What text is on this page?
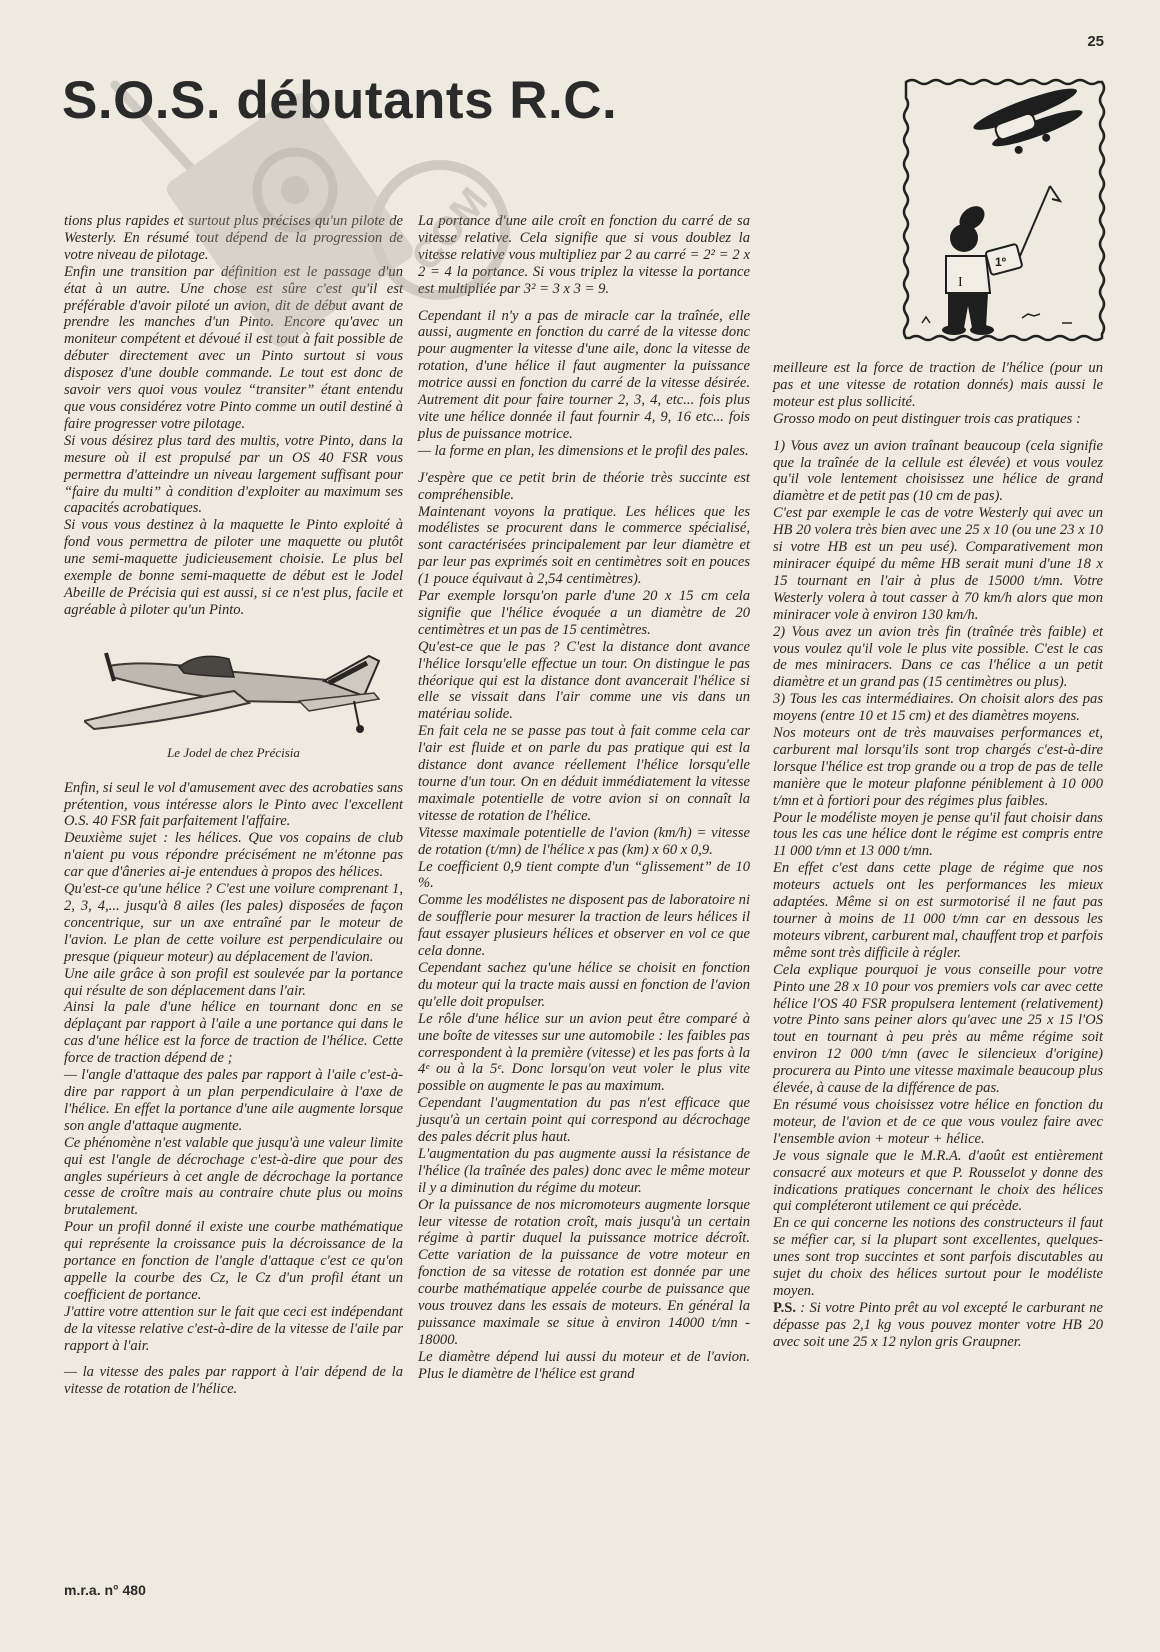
25
S.O.S. débutants R.C.
COM
I
1º

tions plus rapides et surtout plus précises qu'un pilote de Westerly. En résumé tout dépend de la progression de votre niveau de pilotage.

Enfin une transition par définition est le passage d'un état à un autre. Une chose est sûre c'est qu'il est préférable d'avoir piloté un avion, dit de début avant de prendre les manches d'un Pinto. Encore qu'avec un moniteur compétent et dévoué il est tout à fait possible de débuter directement avec un Pinto surtout si vous disposez d'une double commande. Le tout est donc de savoir vers quoi vous voulez “transiter” étant entendu que vous considérez votre Pinto comme un outil destiné à faire progresser votre pilotage.

Si vous désirez plus tard des multis, votre Pinto, dans la mesure où il est propulsé par un OS 40 FSR vous permettra d'atteindre un niveau largement suffisant pour “faire du multi” à condition d'exploiter au maximum ses capacités acrobatiques.

Si vous vous destinez à la maquette le Pinto exploité à fond vous permettra de piloter une maquette ou plutôt une semi-maquette judicieusement choisie. Le plus bel exemple de bonne semi-maquette de début est le Jodel Abeille de Précisia qui est aussi, si ce n'est plus, facile et agréable à piloter qu'un Pinto.

Le Jodel de chez Précisia

Enfin, si seul le vol d'amusement avec des acrobaties sans prétention, vous intéresse alors le Pinto avec l'excellent O.S. 40 FSR fait parfaitement l'affaire.

Deuxième sujet : les hélices. Que vos copains de club n'aient pu vous répondre précisément ne m'étonne pas car que d'âneries ai-je entendues à propos des hélices.

Qu'est-ce qu'une hélice ? C'est une voilure comprenant 1, 2, 3, 4,... jusqu'à 8 ailes (les pales) disposées de façon concentrique, sur un axe entraîné par le moteur de l'avion. Le plan de cette voilure est perpendiculaire ou presque (piqueur moteur) au déplacement de l'avion.

Une aile grâce à son profil est soulevée par la portance qui résulte de son déplacement dans l'air.

Ainsi la pale d'une hélice en tournant donc en se déplaçant par rapport à l'aile a une portance qui dans le cas d'une hélice est la force de traction de l'hélice. Cette force de traction dépend de ;

— l'angle d'attaque des pales par rapport à l'aile c'est-à-dire par rapport à un plan perpendiculaire à l'axe de l'hélice. En effet la portance d'une aile augmente lorsque son angle d'attaque augmente.

Ce phénomène n'est valable que jusqu'à une valeur limite qui est l'angle de décrochage c'est-à-dire que pour des angles supérieurs à cet angle de décrochage la portance cesse de croître mais au contraire chute plus ou moins brutalement.

Pour un profil donné il existe une courbe mathématique qui représente la croissance puis la décroissance de la portance en fonction de l'angle d'attaque c'est ce qu'on appelle la courbe des Cz, le Cz d'un profil étant un coefficient de portance.

J'attire votre attention sur le fait que ceci est indépendant de la vitesse relative c'est-à-dire de la vitesse de l'aile par rapport à l'air.

— la vitesse des pales par rapport à l'air dépend de la vitesse de rotation de l'hélice.

La portance d'une aile croît en fonction du carré de sa vitesse relative. Cela signifie que si vous doublez la vitesse relative vous multipliez par 2 au carré = 2² = 2 x 2 = 4 la portance. Si vous triplez la vitesse la portance est multipliée par 3² = 3 x 3 = 9.

Cependant il n'y a pas de miracle car la traînée, elle aussi, augmente en fonction du carré de la vitesse donc pour augmenter la vitesse d'une aile, donc la vitesse de rotation, d'une hélice il faut augmenter la puissance motrice aussi en fonction du carré de la vitesse désirée. Autrement dit pour faire tourner 2, 3, 4, etc... fois plus vite une hélice donnée il faut fournir 4, 9, 16 etc... fois plus de puissance motrice.

— la forme en plan, les dimensions et le profil des pales.

J'espère que ce petit brin de théorie très succinte est compréhensible.

Maintenant voyons la pratique. Les hélices que les modélistes se procurent dans le commerce spécialisé, sont caractérisées principalement par leur diamètre et par leur pas exprimés soit en centimètres soit en pouces (1 pouce équivaut à 2,54 centimètres).

Par exemple lorsqu'on parle d'une 20 x 15 cm cela signifie que l'hélice évoquée a un diamètre de 20 centimètres et un pas de 15 centimètres.

Qu'est-ce que le pas ? C'est la distance dont avance l'hélice lorsqu'elle effectue un tour. On distingue le pas théorique qui est la distance dont avancerait l'hélice si elle se vissait dans l'air comme une vis dans un matériau solide.

En fait cela ne se passe pas tout à fait comme cela car l'air est fluide et on parle du pas pratique qui est la distance dont avance réellement l'hélice lorsqu'elle tourne d'un tour. On en déduit immédiatement la vitesse maximale potentielle de votre avion si on connaît la vitesse de rotation de l'hélice.

Vitesse maximale potentielle de l'avion (km/h) = vitesse de rotation (t/mn) de l'hélice x pas (km) x 60 x 0,9.

Le coefficient 0,9 tient compte d'un “glissement” de 10 %.

Comme les modélistes ne disposent pas de laboratoire ni de soufflerie pour mesurer la traction de leurs hélices il faut essayer plusieurs hélices et observer en vol ce que cela donne.

Cependant sachez qu'une hélice se choisit en fonction du moteur qui la tracte mais aussi en fonction de l'avion qu'elle doit propulser.

Le rôle d'une hélice sur un avion peut être comparé à une boîte de vitesses sur une automobile : les faibles pas correspondent à la première (vitesse) et les pas forts à la 4ᵉ ou à la 5ᵉ. Donc lorsqu'on veut voler le plus vite possible on augmente le pas au maximum.

Cependant l'augmentation du pas n'est efficace que jusqu'à un certain point qui correspond au décrochage des pales décrit plus haut.

L'augmentation du pas augmente aussi la résistance de l'hélice (la traînée des pales) donc avec le même moteur il y a diminution du régime du moteur.

Or la puissance de nos micromoteurs augmente lorsque leur vitesse de rotation croît, mais jusqu'à un certain régime à partir duquel la puissance motrice décroît. Cette variation de la puissance de votre moteur en fonction de sa vitesse de rotation est donnée par une courbe mathématique appelée courbe de puissance que vous trouvez dans les essais de moteurs. En général la puissance maximale se situe à environ 14000 t/mn - 18000.

Le diamètre dépend lui aussi du moteur et de l'avion. Plus le diamètre de l'hélice est grand

meilleure est la force de traction de l'hélice (pour un pas et une vitesse de rotation donnés) mais aussi le moteur est plus sollicité.

Grosso modo on peut distinguer trois cas pratiques :

1) Vous avez un avion traînant beaucoup (cela signifie que la traînée de la cellule est élevée) et vous voulez qu'il vole lentement choisissez une hélice de grand diamètre et de petit pas (10 cm de pas).

C'est par exemple le cas de votre Westerly qui avec un HB 20 volera très bien avec une 25 x 10 (ou une 23 x 10 si votre HB est un peu usé). Comparativement mon miniracer équipé du même HB serait muni d'une 18 x 15 tournant en l'air à plus de 15000 t/mn. Votre Westerly volera à tout casser à 70 km/h alors que mon miniracer vole à environ 130 km/h.

2) Vous avez un avion très fin (traînée très faible) et vous voulez qu'il vole le plus vite possible. C'est le cas de mes miniracers. Dans ce cas l'hélice a un petit diamètre et un grand pas (15 centimètres ou plus).

3) Tous les cas intermédiaires. On choisit alors des pas moyens (entre 10 et 15 cm) et des diamètres moyens.

Nos moteurs ont de très mauvaises performances et, carburent mal lorsqu'ils sont trop chargés c'est-à-dire lorsque l'hélice est trop grande ou a trop de pas de telle manière que le moteur plafonne péniblement à 10 000 t/mn et à fortiori pour des régimes plus faibles.

Pour le modéliste moyen je pense qu'il faut choisir dans tous les cas une hélice dont le régime est compris entre 11 000 t/mn et 13 000 t/mn.

En effet c'est dans cette plage de régime que nos moteurs actuels ont les performances les mieux adaptées. Même si on est surmotorisé il ne faut pas tourner à moins de 11 000 t/mn car en dessous les moteurs vibrent, carburent mal, chauffent trop et parfois même sont très difficile à régler.

Cela explique pourquoi je vous conseille pour votre Pinto une 28 x 10 pour vos premiers vols car avec cette hélice l'OS 40 FSR propulsera lentement (relativement) votre Pinto sans peiner alors qu'avec une 25 x 15 l'OS tout en tournant à peu près au même régime soit environ 12 000 t/mn (avec le silencieux d'origine) procurera au Pinto une vitesse maximale beaucoup plus élevée, à cause de la différence de pas.

En résumé vous choisissez votre hélice en fonction du moteur, de l'avion et de ce que vous voulez faire avec l'ensemble avion + moteur + hélice.

Je vous signale que le M.R.A. d'août est entièrement consacré aux moteurs et que P. Rousselot y donne des indications pratiques concernant le choix des hélices qui compléteront utilement ce qui précède.

En ce qui concerne les notions des constructeurs il faut se méfier car, si la plupart sont excellentes, quelques-unes sont trop succintes et sont parfois discutables au sujet du choix des hélices surtout pour le modéliste moyen.

P.S. : Si votre Pinto prêt au vol excepté le carburant ne dépasse pas 2,1 kg vous pouvez monter votre HB 20 avec soit une 25 x 12 nylon gris Graupner.

m.r.a. n° 480
